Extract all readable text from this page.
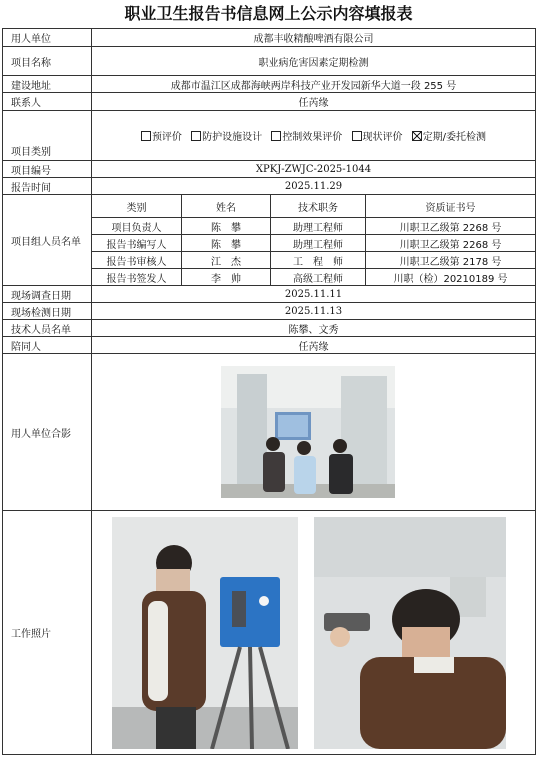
职业卫生报告书信息网上公示内容填报表
用人单位	成都丰收精酿啤酒有限公司			
项目名称	职业病危害因素定期检测			
建设地址	成都市温江区成都海峡两岸科技产业开发园新华大道一段 255 号			
联系人	任芮缘			
项目类别	预评价 防护设施设计 控制效果评价 现状评价 定期/委托检测			
项目编号	XPKJ-ZWJC-2025-1044			
报告时间	2025.11.29			
项目组人员名单	类别	姓名	技术职务	资质证书号
	项目负责人	陈　攀	助理工程师	川职卫乙级第 2268 号
	报告书编写人	陈　攀	助理工程师	川职卫乙级第 2268 号
	报告书审核人	江　杰	工　程　师	川职卫乙级第 2178 号
	报告书签发人	李　帅	高级工程师	川职（检）20210189 号
现场调查日期	2025.11.11			
现场检测日期	2025.11.13			
技术人员名单	陈攀、文秀			
陪同人	任芮缘			
用人单位合影	

工作照片	
